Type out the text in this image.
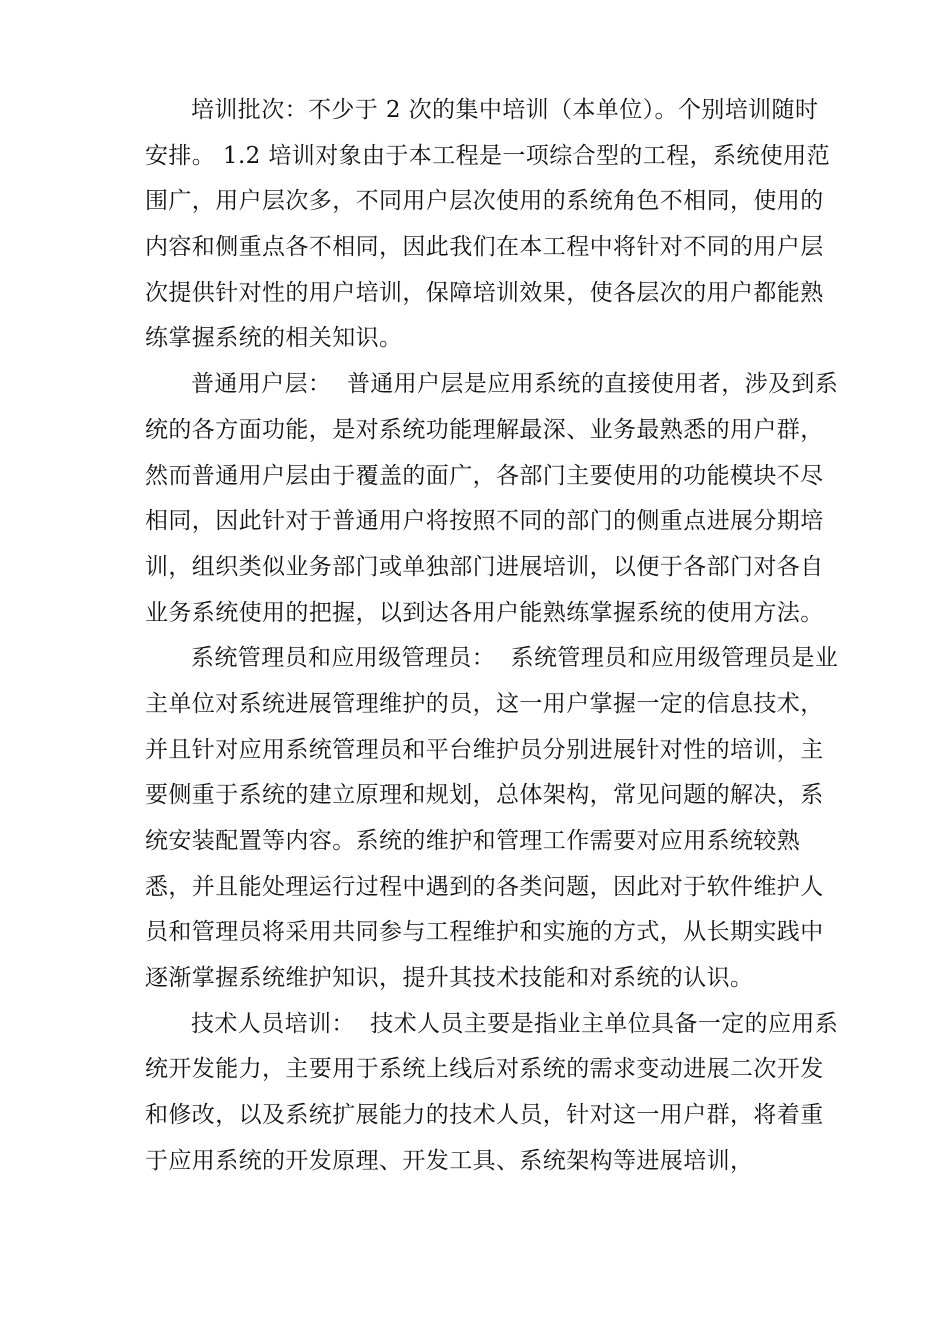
培训批次：不少于 2 次的集中培训（本单位）。个别培训随时
安排。 1.2 培训对象由于本工程是一项综合型的工程，系统使用范
围广，用户层次多，不同用户层次使用的系统角色不相同，使用的
内容和侧重点各不相同，因此我们在本工程中将针对不同的用户层
次提供针对性的用户培训，保障培训效果，使各层次的用户都能熟
练掌握系统的相关知识。
普通用户层：  普通用户层是应用系统的直接使用者，涉及到系
统的各方面功能，是对系统功能理解最深、业务最熟悉的用户群，
然而普通用户层由于覆盖的面广，各部门主要使用的功能模块不尽
相同，因此针对于普通用户将按照不同的部门的侧重点进展分期培
训，组织类似业务部门或单独部门进展培训，以便于各部门对各自
业务系统使用的把握，以到达各用户能熟练掌握系统的使用方法。
系统管理员和应用级管理员：  系统管理员和应用级管理员是业
主单位对系统进展管理维护的员，这一用户掌握一定的信息技术，
并且针对应用系统管理员和平台维护员分别进展针对性的培训，主
要侧重于系统的建立原理和规划，总体架构，常见问题的解决，系
统安装配置等内容。系统的维护和管理工作需要对应用系统较熟
悉，并且能处理运行过程中遇到的各类问题，因此对于软件维护人
员和管理员将采用共同参与工程维护和实施的方式，从长期实践中
逐渐掌握系统维护知识，提升其技术技能和对系统的认识。
技术人员培训：  技术人员主要是指业主单位具备一定的应用系
统开发能力，主要用于系统上线后对系统的需求变动进展二次开发
和修改，以及系统扩展能力的技术人员，针对这一用户群，将着重
于应用系统的开发原理、开发工具、系统架构等进展培训，
